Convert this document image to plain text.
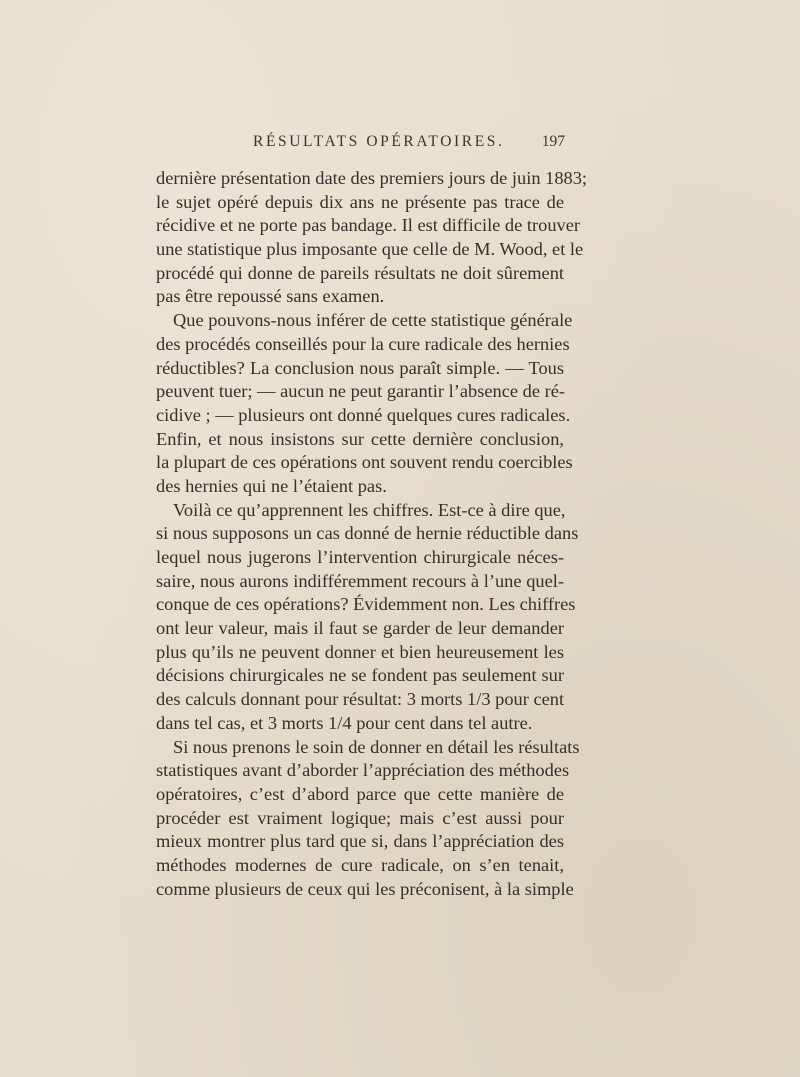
RÉSULTATS OPÉRATOIRES. 197
dernière présentation date des premiers jours de juin 1883;
le sujet opéré depuis dix ans ne présente pas trace de
récidive et ne porte pas bandage. Il est difficile de trouver
une statistique plus imposante que celle de M. Wood, et le
procédé qui donne de pareils résultats ne doit sûrement
pas être repoussé sans examen.
Que pouvons-nous inférer de cette statistique générale
des procédés conseillés pour la cure radicale des hernies
réductibles? La conclusion nous paraît simple. — Tous
peuvent tuer; — aucun ne peut garantir l’absence de ré-
cidive ; — plusieurs ont donné quelques cures radicales.
Enfin, et nous insistons sur cette dernière conclusion,
la plupart de ces opérations ont souvent rendu coercibles
des hernies qui ne l’étaient pas.
Voilà ce qu’apprennent les chiffres. Est-ce à dire que,
si nous supposons un cas donné de hernie réductible dans
lequel nous jugerons l’intervention chirurgicale néces-
saire, nous aurons indifféremment recours à l’une quel-
conque de ces opérations? Évidemment non. Les chiffres
ont leur valeur, mais il faut se garder de leur demander
plus qu’ils ne peuvent donner et bien heureusement les
décisions chirurgicales ne se fondent pas seulement sur
des calculs donnant pour résultat: 3 morts 1/3 pour cent
dans tel cas, et 3 morts 1/4 pour cent dans tel autre.
Si nous prenons le soin de donner en détail les résultats
statistiques avant d’aborder l’appréciation des méthodes
opératoires, c’est d’abord parce que cette manière de
procéder est vraiment logique; mais c’est aussi pour
mieux montrer plus tard que si, dans l’appréciation des
méthodes modernes de cure radicale, on s’en tenait,
comme plusieurs de ceux qui les préconisent, à la simple
